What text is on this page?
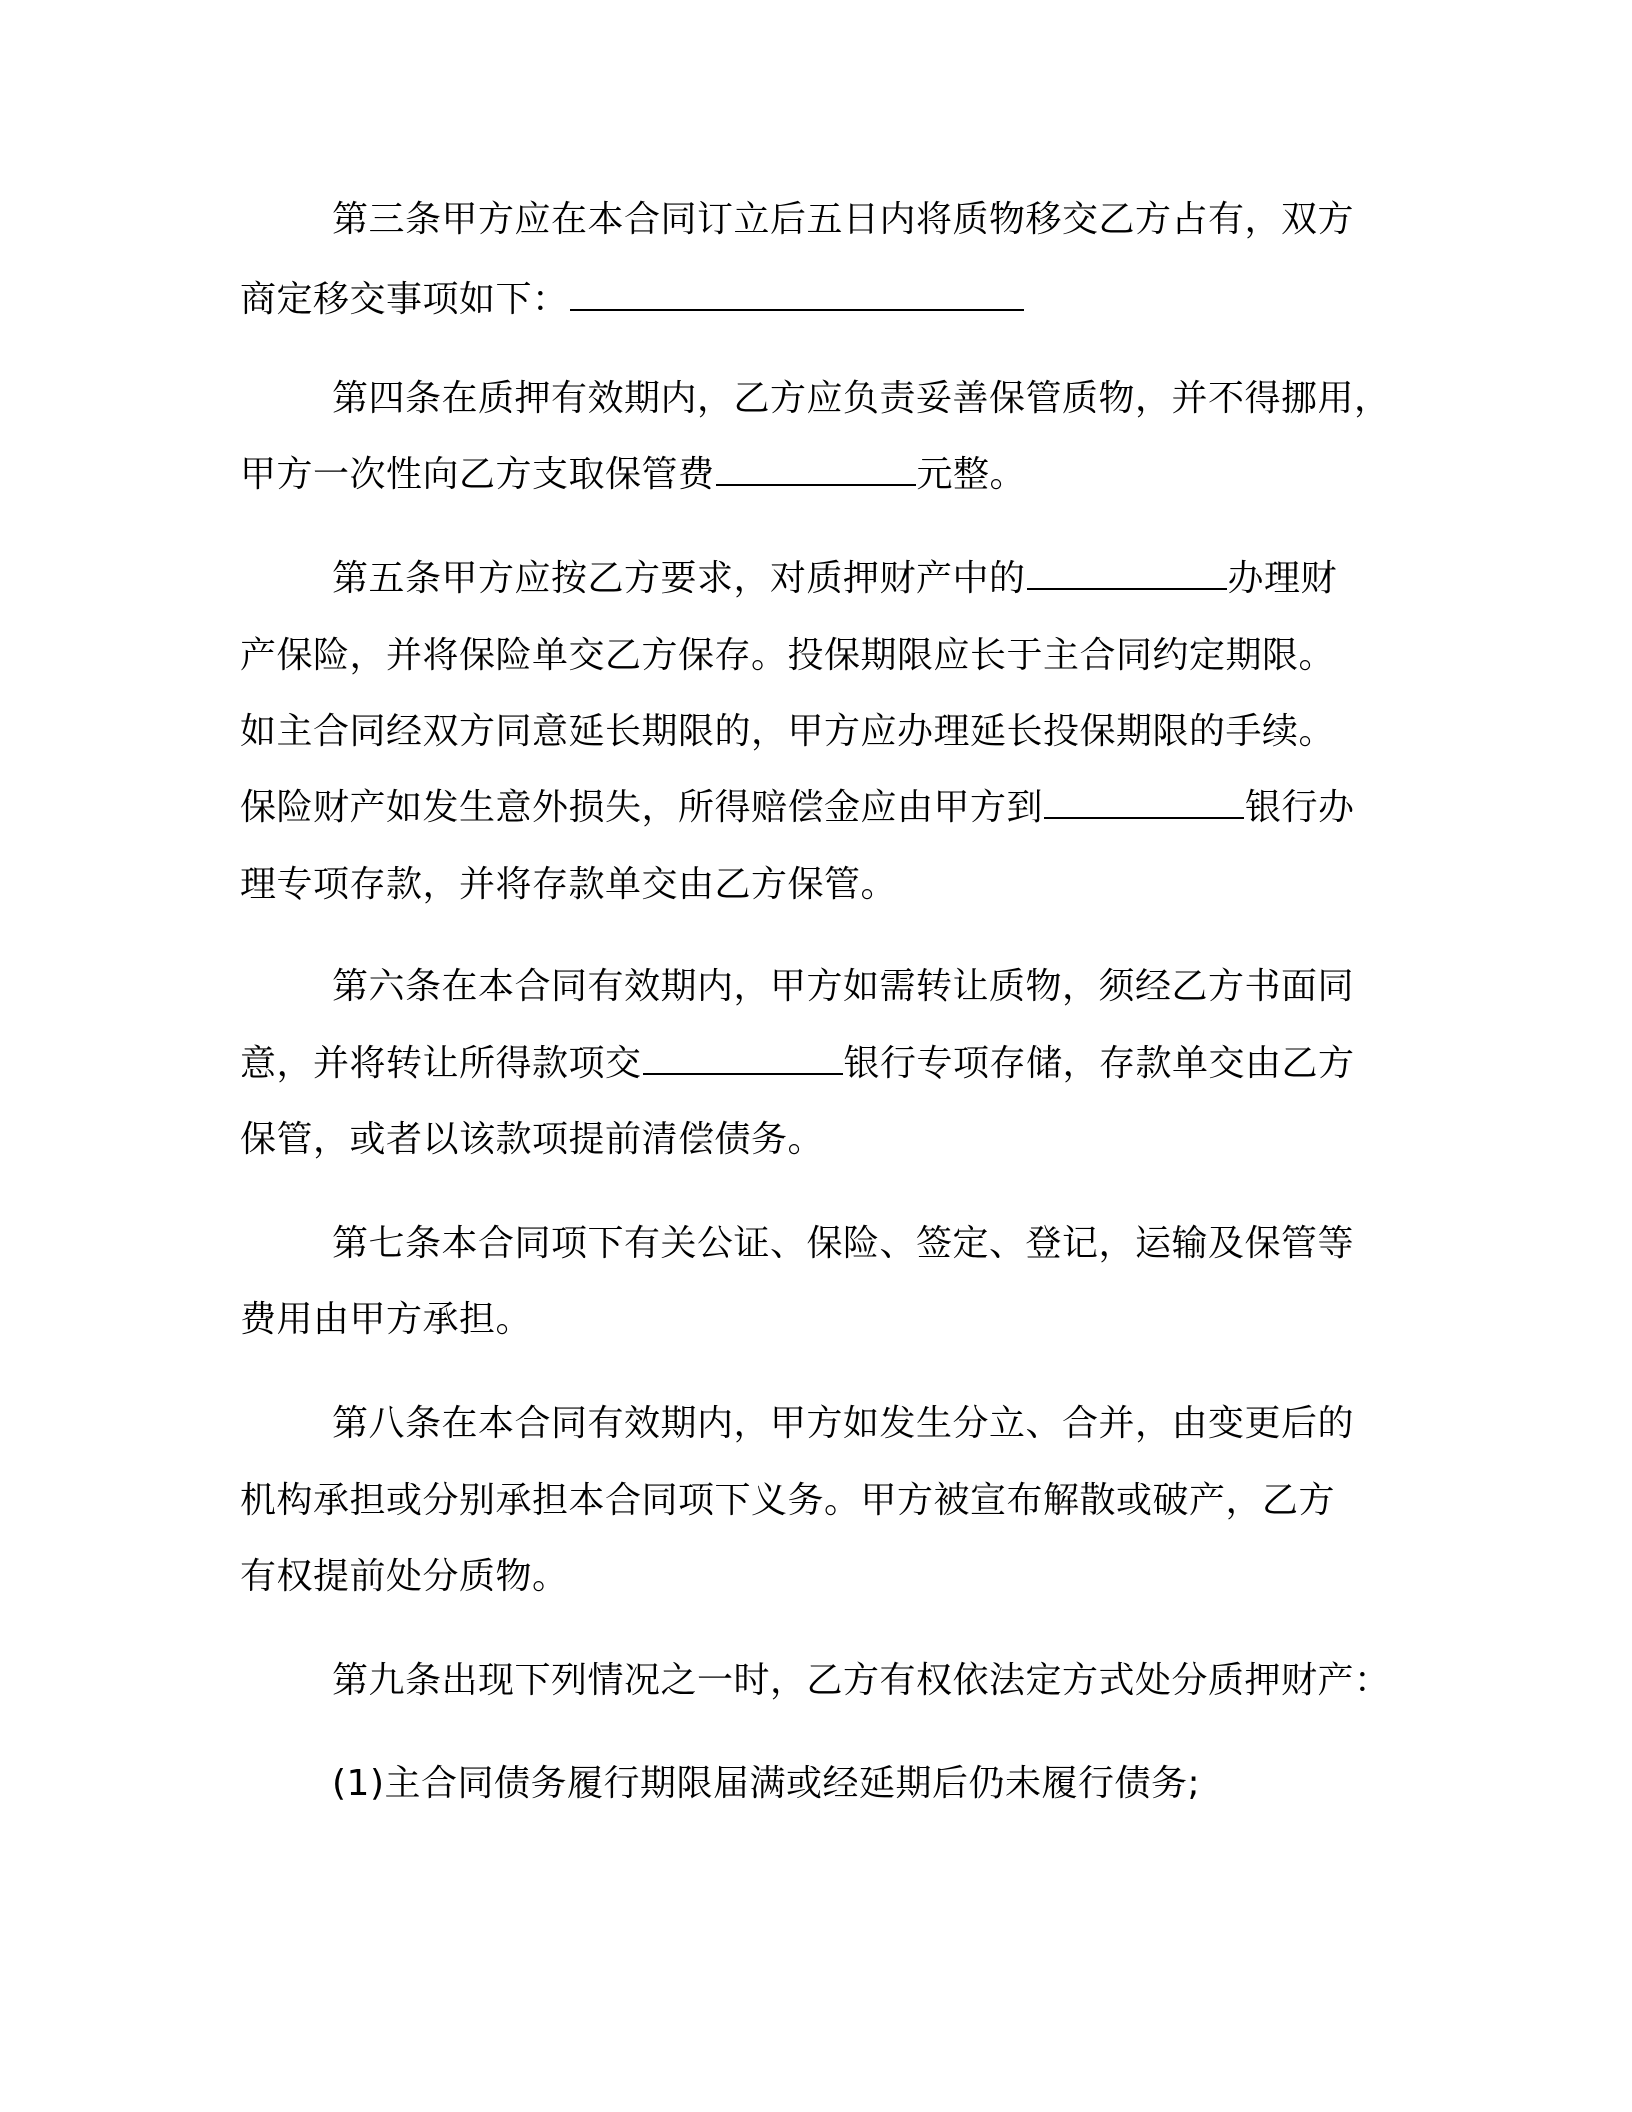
第三条甲方应在本合同订立后五日内将质物移交乙方占有，双方
商定移交事项如下：
第四条在质押有效期内，乙方应负责妥善保管质物，并不得挪用，
甲方一次性向乙方支取保管费	元整。
第五条甲方应按乙方要求，对质押财产中的	办理财
产保险，并将保险单交乙方保存。投保期限应长于主合同约定期限。
如主合同经双方同意延长期限的，甲方应办理延长投保期限的手续。
保险财产如发生意外损失，所得赔偿金应由甲方到	银行办
理专项存款，并将存款单交由乙方保管。
第六条在本合同有效期内，甲方如需转让质物，须经乙方书面同
意，并将转让所得款项交	银行专项存储，存款单交由乙方
保管，或者以该款项提前清偿债务。
第七条本合同项下有关公证、保险、签定、登记，运输及保管等
费用由甲方承担。
第八条在本合同有效期内，甲方如发生分立、合并，由变更后的
机构承担或分别承担本合同项下义务。甲方被宣布解散或破产，乙方
有权提前处分质物。
第九条出现下列情况之一时，乙方有权依法定方式处分质押财产：
(1)主合同债务履行期限届满或经延期后仍未履行债务;
